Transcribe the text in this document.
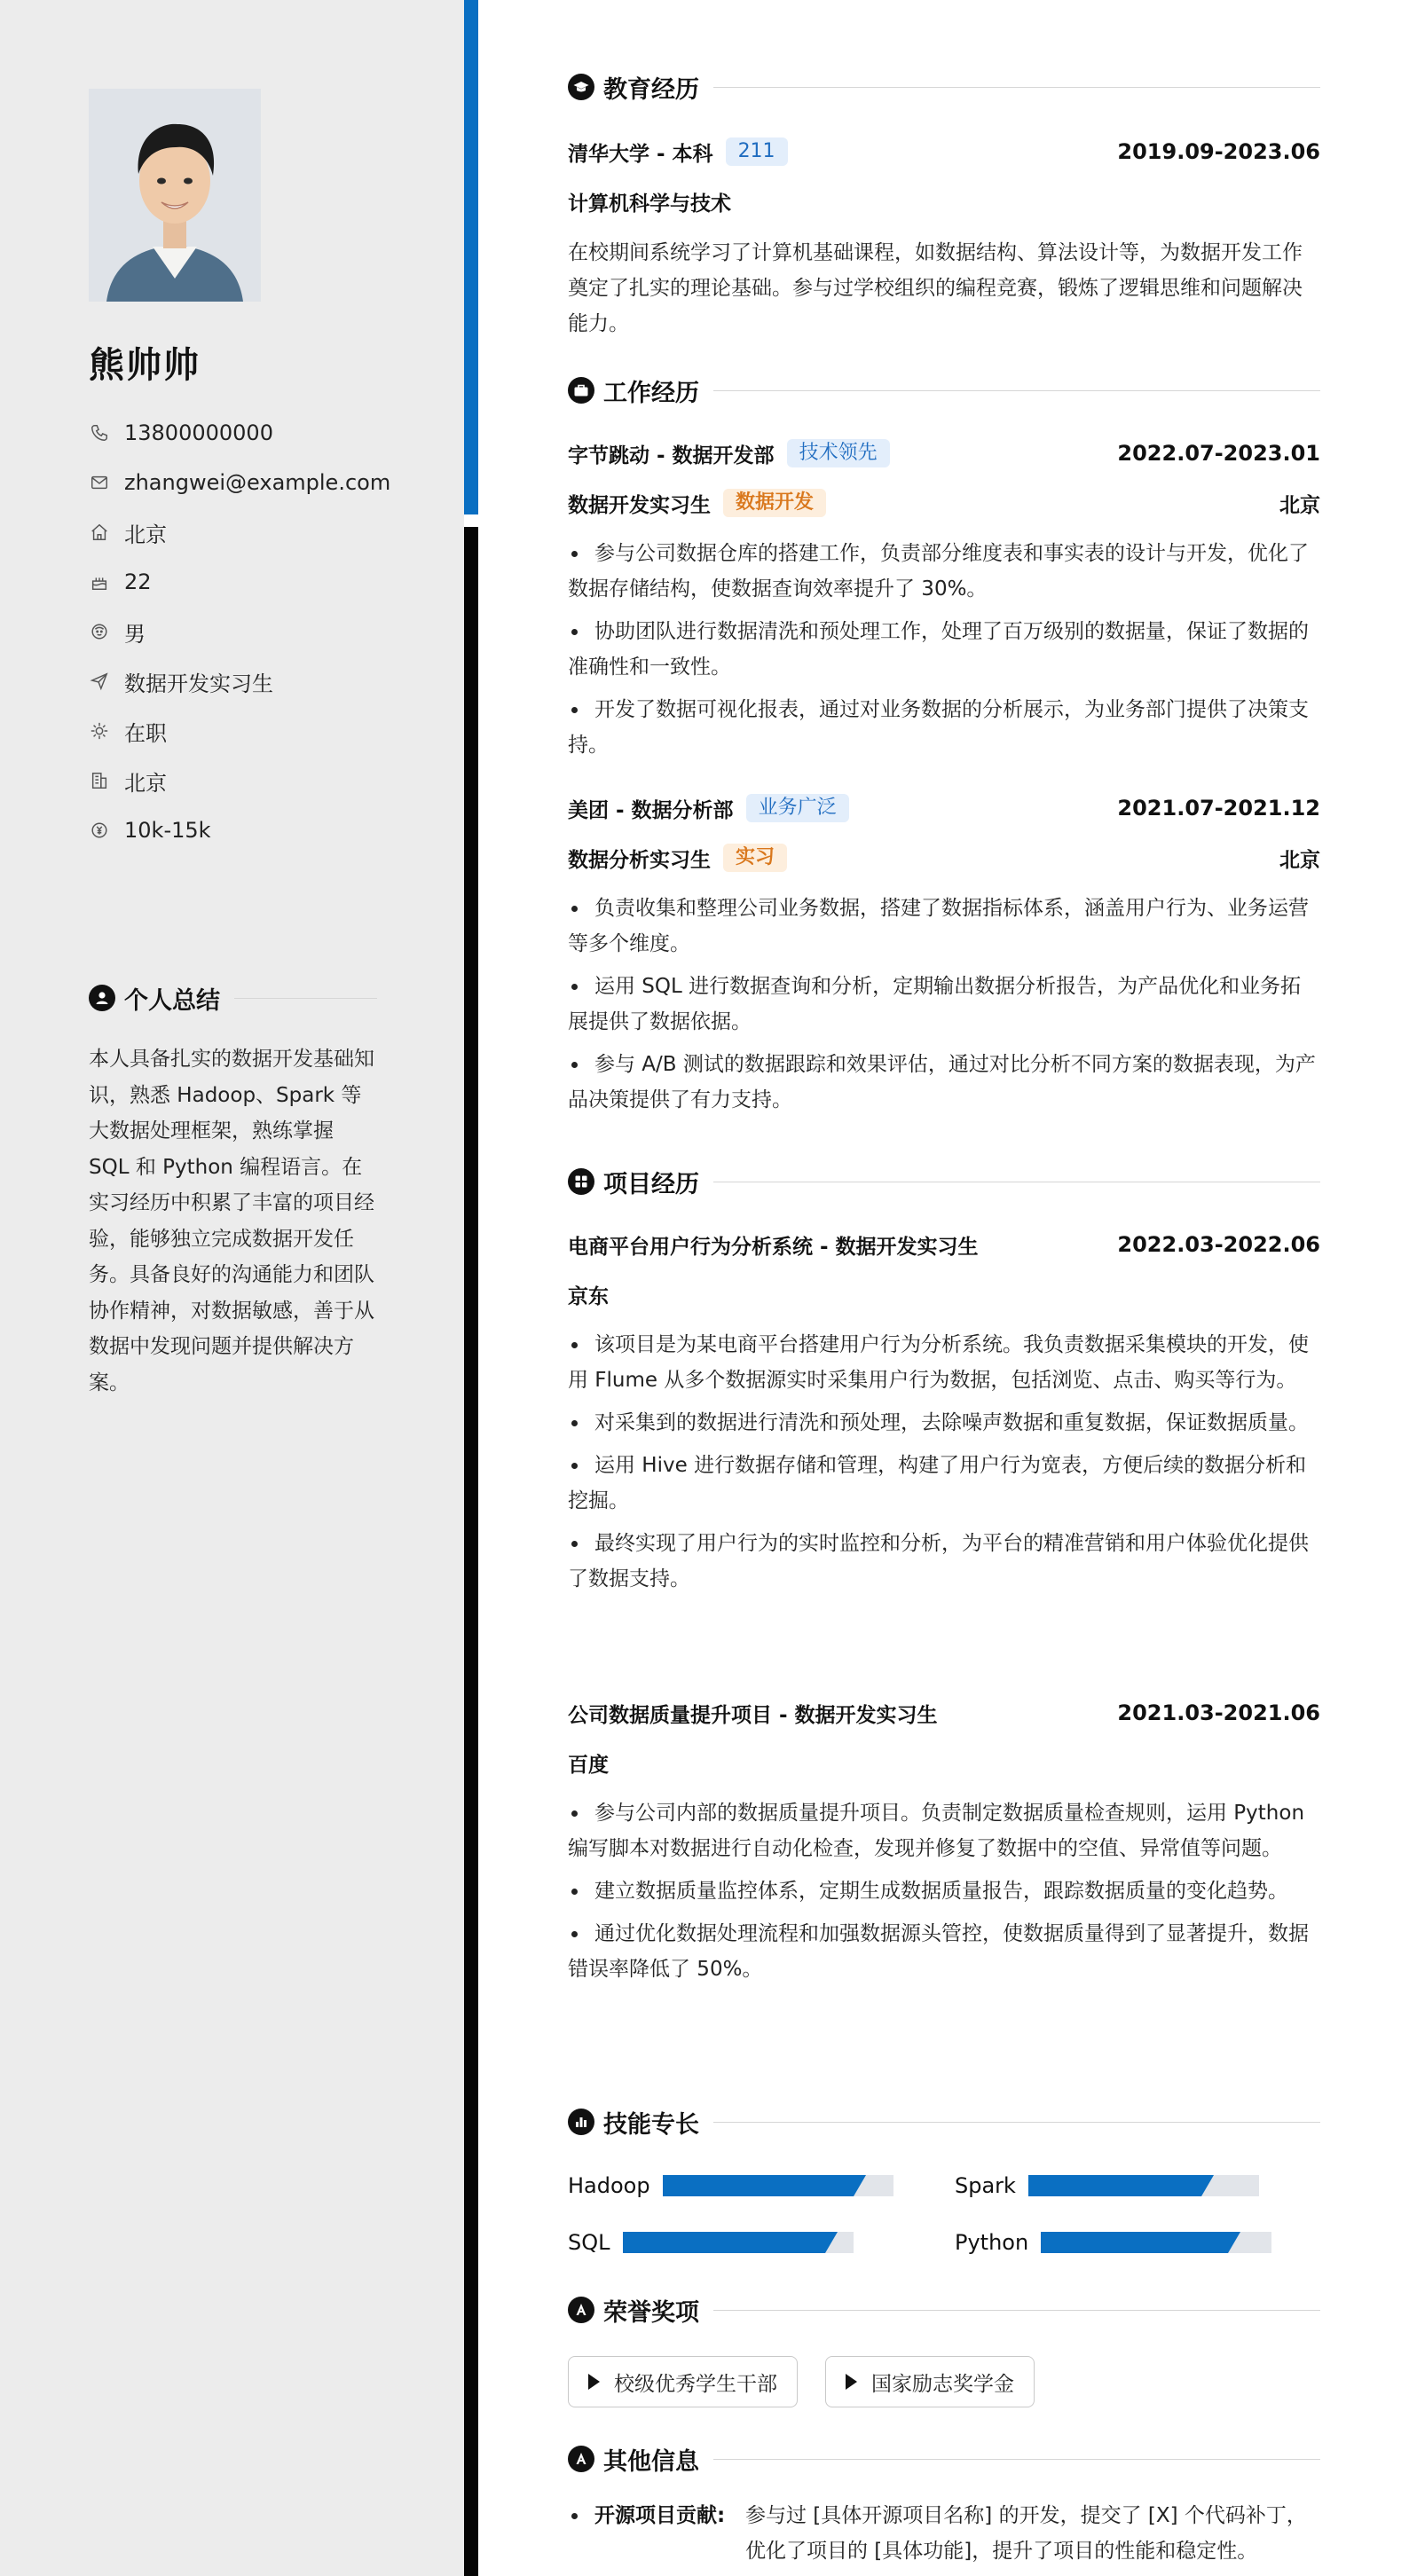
熊帅帅
13800000000
zhangwei@example.com
北京
22
男
数据开发实习生
在职
北京
10k-15k
个人总结
本人具备扎实的数据开发基础知识，熟悉 Hadoop、Spark 等大数据处理框架，熟练掌握 SQL 和 Python 编程语言。在实习经历中积累了丰富的项目经验，能够独立完成数据开发任务。具备良好的沟通能力和团队协作精神，对数据敏感，善于从数据中发现问题并提供解决方案。
教育经历
清华大学 - 本科	211	2019.09-2023.06
计算机科学与技术
在校期间系统学习了计算机基础课程，如数据结构、算法设计等，为数据开发工作奠定了扎实的理论基础。参与过学校组织的编程竞赛，锻炼了逻辑思维和问题解决能力。
工作经历
字节跳动 - 数据开发部	技术领先	2022.07-2023.01
数据开发实习生	数据开发	北京
参与公司数据仓库的搭建工作，负责部分维度表和事实表的设计与开发，优化了数据存储结构，使数据查询效率提升了 30%。
协助团队进行数据清洗和预处理工作，处理了百万级别的数据量，保证了数据的准确性和一致性。
开发了数据可视化报表，通过对业务数据的分析展示，为业务部门提供了决策支持。
美团 - 数据分析部	业务广泛	2021.07-2021.12
数据分析实习生	实习	北京
负责收集和整理公司业务数据，搭建了数据指标体系，涵盖用户行为、业务运营等多个维度。
运用 SQL 进行数据查询和分析，定期输出数据分析报告，为产品优化和业务拓展提供了数据依据。
参与 A/B 测试的数据跟踪和效果评估，通过对比分析不同方案的数据表现，为产品决策提供了有力支持。
项目经历
电商平台用户行为分析系统 - 数据开发实习生	2022.03-2022.06
京东
该项目是为某电商平台搭建用户行为分析系统。我负责数据采集模块的开发，使用 Flume 从多个数据源实时采集用户行为数据，包括浏览、点击、购买等行为。
对采集到的数据进行清洗和预处理，去除噪声数据和重复数据，保证数据质量。
运用 Hive 进行数据存储和管理，构建了用户行为宽表，方便后续的数据分析和挖掘。
最终实现了用户行为的实时监控和分析，为平台的精准营销和用户体验优化提供了数据支持。
公司数据质量提升项目 - 数据开发实习生	2021.03-2021.06
百度
参与公司内部的数据质量提升项目。负责制定数据质量检查规则，运用 Python 编写脚本对数据进行自动化检查，发现并修复了数据中的空值、异常值等问题。
建立数据质量监控体系，定期生成数据质量报告，跟踪数据质量的变化趋势。
通过优化数据处理流程和加强数据源头管控，使数据质量得到了显著提升，数据错误率降低了 50%。
技能专长
Hadoop	Spark
SQL	Python
荣誉奖项
校级优秀学生干部	国家励志奖学金
其他信息
开源项目贡献: 参与过 [具体开源项目名称] 的开发，提交了 [X] 个代码补丁，优化了项目的 [具体功能]，提升了项目的性能和稳定性。
